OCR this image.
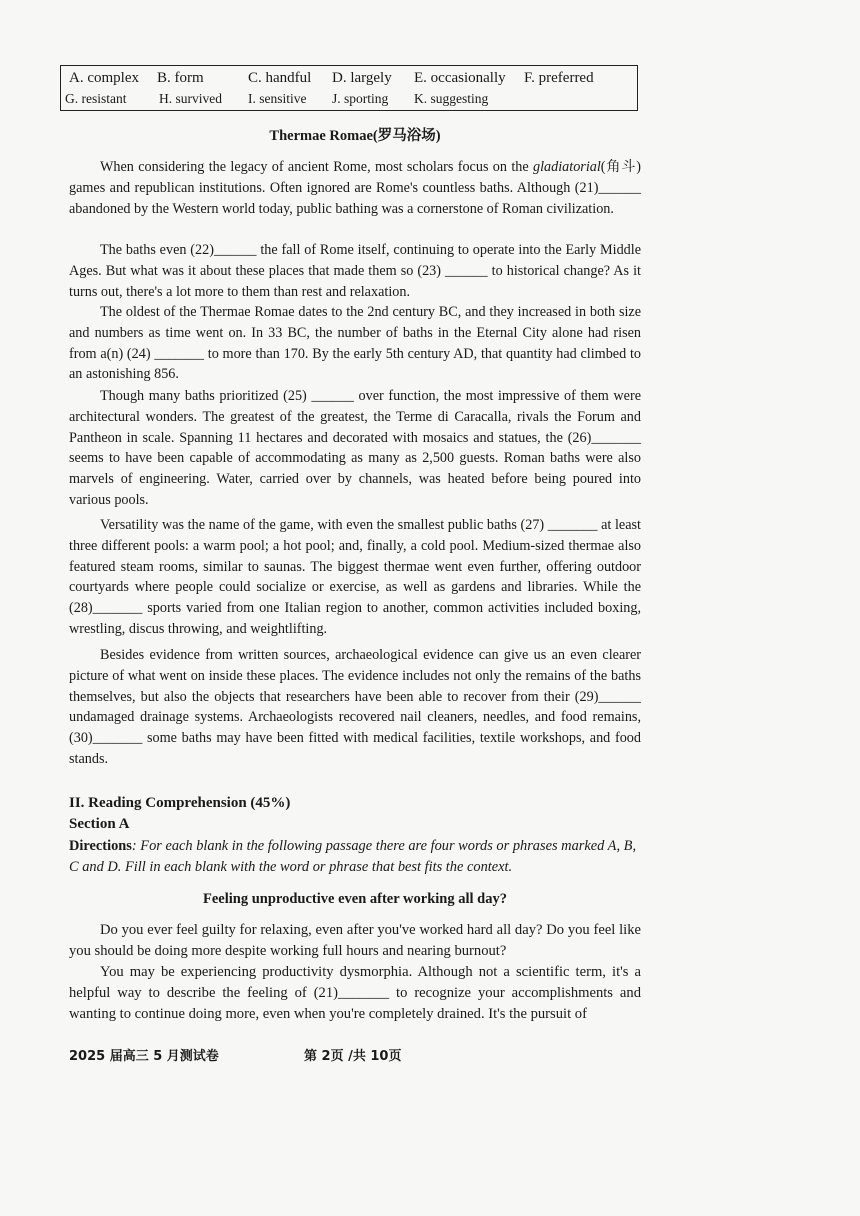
A. complex B. form	C. handful D. largely E. occasionally F. preferred
G. resistant H. survived I. sensitive J. sporting K. suggesting
Thermae Romae(罗马浴场)

When considering the legacy of ancient Rome, most scholars focus on the gladiatorial(角斗) games and republican institutions. Often ignored are Rome's countless baths. Although (21)______ abandoned by the Western world today, public bathing was a cornerstone of Roman civilization.

The baths even (22)______ the fall of Rome itself, continuing to operate into the Early Middle Ages. But what was it about these places that made them so (23) ______ to historical change? As it turns out, there's a lot more to them than rest and relaxation.

The oldest of the Thermae Romae dates to the 2nd century BC, and they increased in both size and numbers as time went on. In 33 BC, the number of baths in the Eternal City alone had risen from a(n) (24) _______ to more than 170. By the early 5th century AD, that quantity had climbed to an astonishing 856.

Though many baths prioritized (25) ______ over function, the most impressive of them were architectural wonders. The greatest of the greatest, the Terme di Caracalla, rivals the Forum and Pantheon in scale. Spanning 11 hectares and decorated with mosaics and statues, the (26)_______ seems to have been capable of accommodating as many as 2,500 guests. Roman baths were also marvels of engineering. Water, carried over by channels, was heated before being poured into various pools.

Versatility was the name of the game, with even the smallest public baths (27) _______ at least three different pools: a warm pool; a hot pool; and, finally, a cold pool. Medium-sized thermae also featured steam rooms, similar to saunas. The biggest thermae went even further, offering outdoor courtyards where people could socialize or exercise, as well as gardens and libraries. While the (28)_______ sports varied from one Italian region to another, common activities included boxing, wrestling, discus throwing, and weightlifting.

Besides evidence from written sources, archaeological evidence can give us an even clearer picture of what went on inside these places. The evidence includes not only the remains of the baths themselves, but also the objects that researchers have been able to recover from their (29)______ undamaged drainage systems. Archaeologists recovered nail cleaners, needles, and food remains, (30)_______ some baths may have been fitted with medical facilities, textile workshops, and food stands.

II. Reading Comprehension (45%)
Section A

Directions: For each blank in the following passage there are four words or phrases marked A, B, C and D. Fill in each blank with the word or phrase that best fits the context.

Feeling unproductive even after working all day?

Do you ever feel guilty for relaxing, even after you've worked hard all day? Do you feel like you should be doing more despite working full hours and nearing burnout?

You may be experiencing productivity dysmorphia. Although not a scientific term, it's a helpful way to describe the feeling of (21)_______ to recognize your accomplishments and wanting to continue doing more, even when you're completely drained. It's the pursuit of

2025 届高三 5 月测试卷	第 2页 /共 10页
